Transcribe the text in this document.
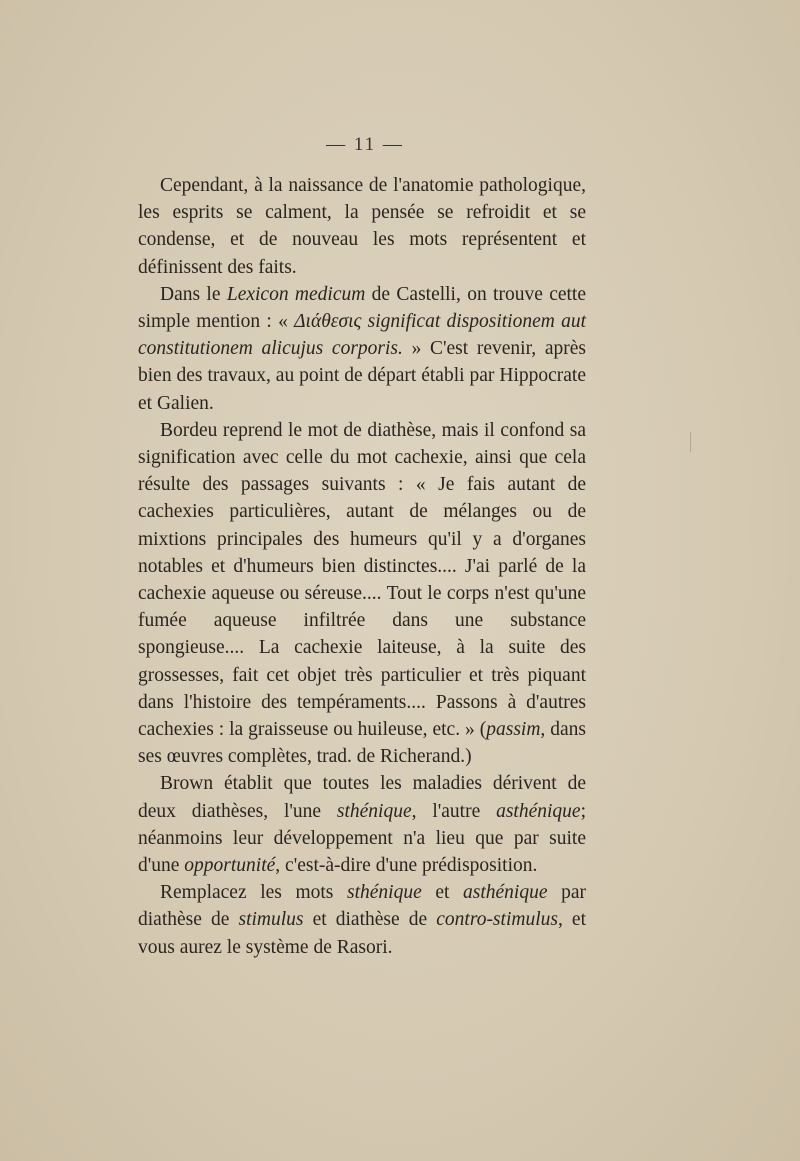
— 11 —

Cependant, à la naissance de l'anatomie pathologique, les esprits se calment, la pensée se refroidit et se condense, et de nouveau les mots représentent et définissent des faits.

Dans le Lexicon medicum de Castelli, on trouve cette simple mention : « Διάθεσις significat dispositionem aut constitutionem alicujus corporis. » C'est revenir, après bien des travaux, au point de départ établi par Hippocrate et Galien.

Bordeu reprend le mot de diathèse, mais il confond sa signification avec celle du mot cachexie, ainsi que cela résulte des passages suivants : « Je fais autant de cachexies particulières, autant de mélanges ou de mixtions principales des humeurs qu'il y a d'organes notables et d'humeurs bien distinctes.... J'ai parlé de la cachexie aqueuse ou séreuse.... Tout le corps n'est qu'une fumée aqueuse infiltrée dans une substance spongieuse.... La cachexie laiteuse, à la suite des grossesses, fait cet objet très particulier et très piquant dans l'histoire des tempéraments.... Passons à d'autres cachexies : la graisseuse ou huileuse, etc. » (passim, dans ses œuvres complètes, trad. de Richerand.)

Brown établit que toutes les maladies dérivent de deux diathèses, l'une sthénique, l'autre asthénique; néanmoins leur développement n'a lieu que par suite d'une opportunité, c'est-à-dire d'une prédisposition.

Remplacez les mots sthénique et asthénique par diathèse de stimulus et diathèse de contro-stimulus, et vous aurez le système de Rasori.
